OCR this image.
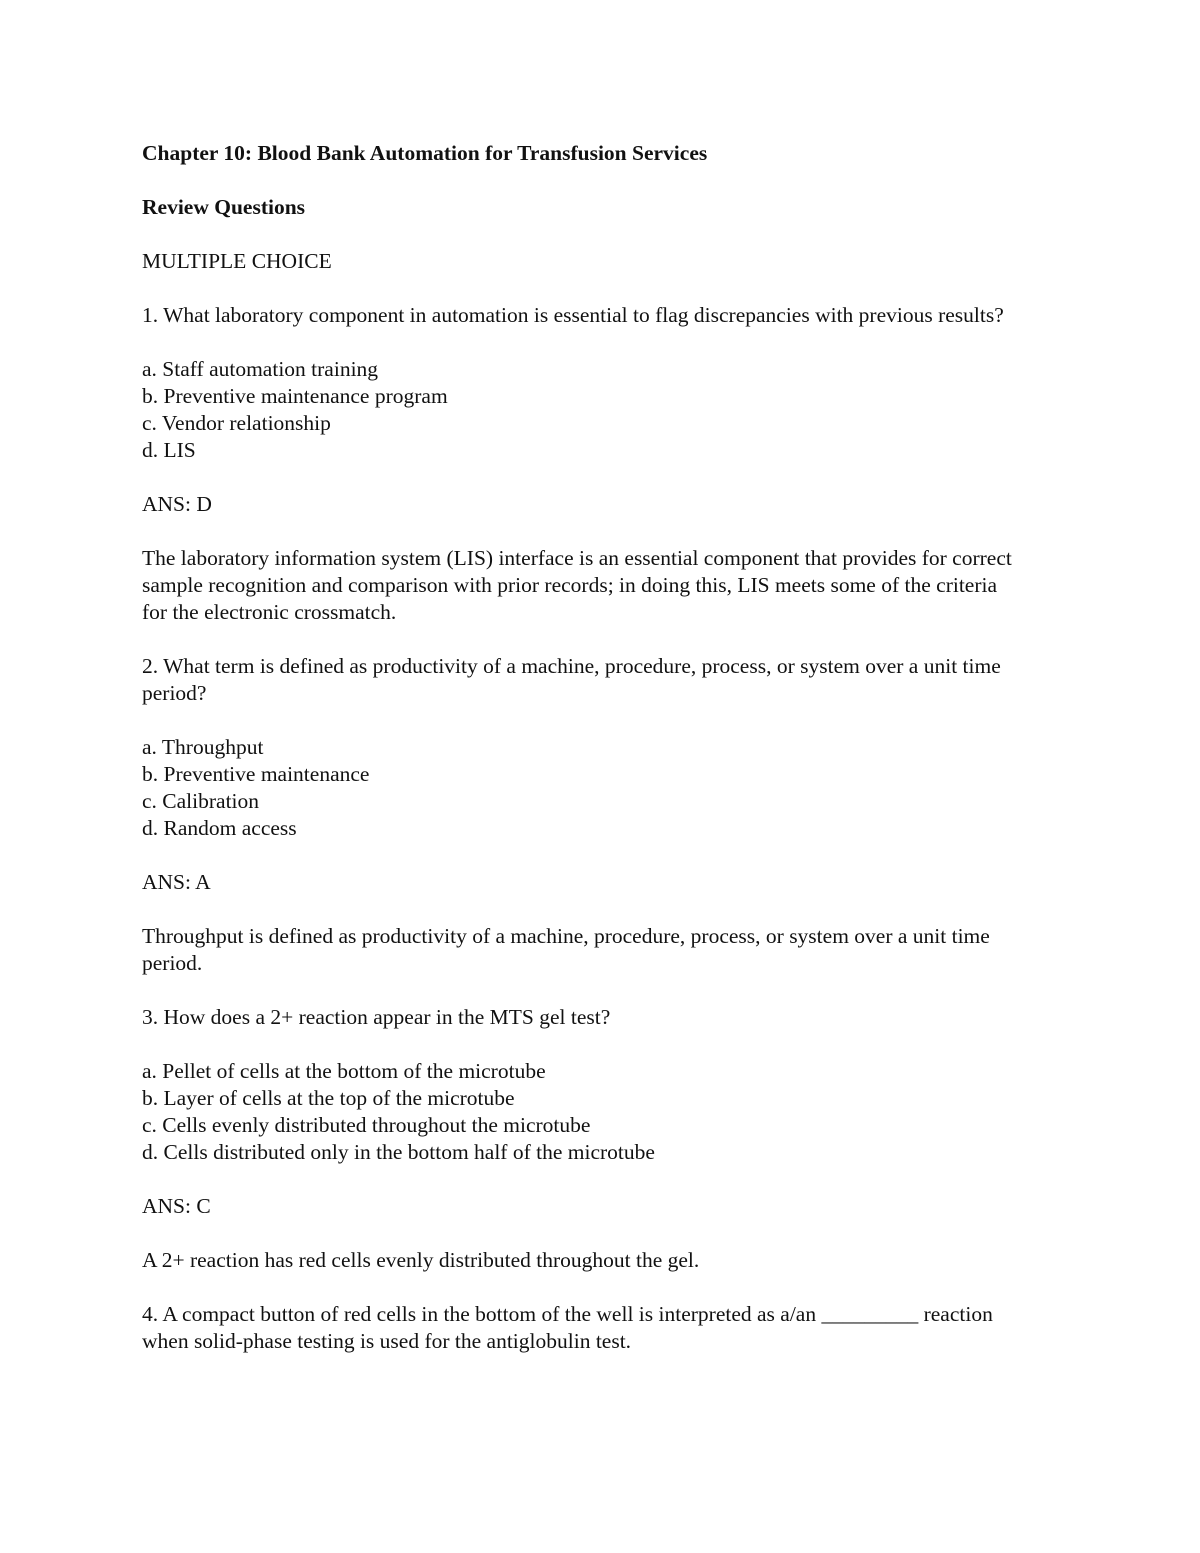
Chapter 10: Blood Bank Automation for Transfusion Services
Review Questions
MULTIPLE CHOICE
1. What laboratory component in automation is essential to flag discrepancies with previous results?
a. Staff automation training
b. Preventive maintenance program
c. Vendor relationship
d. LIS
ANS: D
The laboratory information system (LIS) interface is an essential component that provides for correct
sample recognition and comparison with prior records; in doing this, LIS meets some of the criteria
for the electronic crossmatch.
2. What term is defined as productivity of a machine, procedure, process, or system over a unit time
period?
a. Throughput
b. Preventive maintenance
c. Calibration
d. Random access
ANS: A
Throughput is defined as productivity of a machine, procedure, process, or system over a unit time
period.
3. How does a 2+ reaction appear in the MTS gel test?
a. Pellet of cells at the bottom of the microtube
b. Layer of cells at the top of the microtube
c. Cells evenly distributed throughout the microtube
d. Cells distributed only in the bottom half of the microtube
ANS: C
A 2+ reaction has red cells evenly distributed throughout the gel.
4. A compact button of red cells in the bottom of the well is interpreted as a/an _________ reaction
when solid-phase testing is used for the antiglobulin test.
